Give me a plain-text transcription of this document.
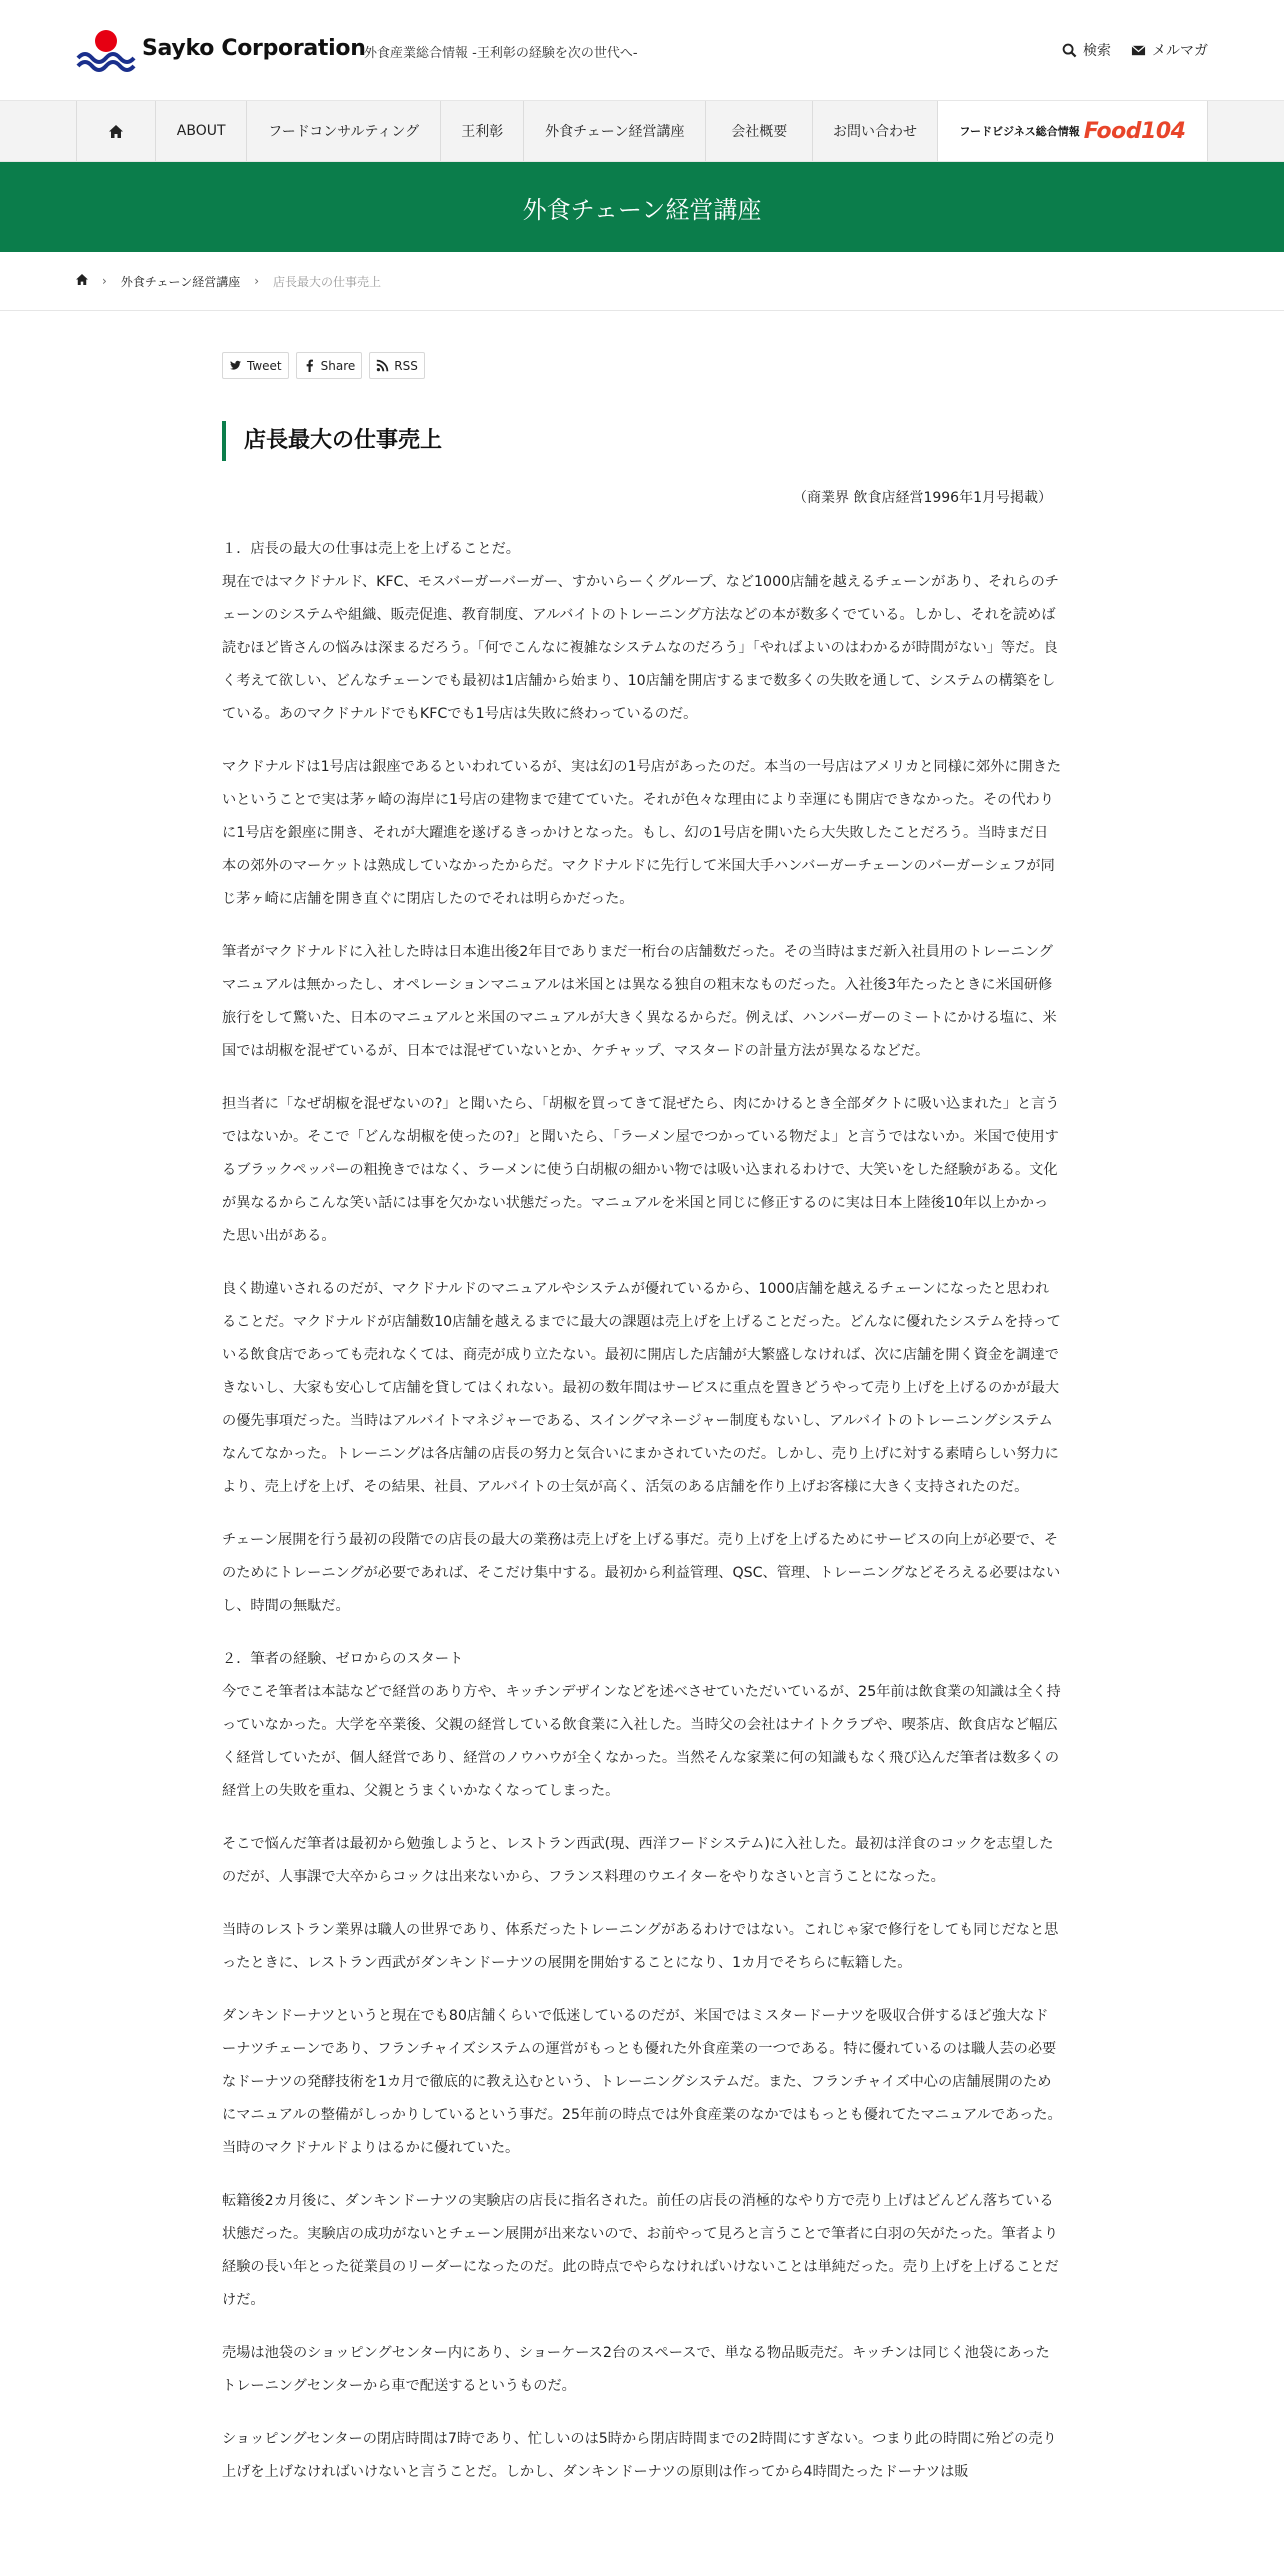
Sayko Corporation
外食産業総合情報 -王利彰の経験を次の世代へ-	検索	メルマガ
ABOUT	フードコンサルティング	王利彰	外食チェーン経営講座	会社概要	お問い合わせ	フードビジネス総合情報 Food104
外食チェーン経営講座
› 外食チェーン経営講座 › 店長最大の仕事売上
Tweet	Share	RSS
店長最大の仕事売上
（商業界 飲食店経営1996年1月号掲載）

１．店長の最大の仕事は売上を上げることだ。

現在ではマクドナルド、KFC、モスバーガーバーガー、すかいらーくグループ、など1000店舗を越えるチェーンがあり、それらのチェーンのシステムや組織、販売促進、教育制度、アルバイトのトレーニング方法などの本が数多くでている。しかし、それを読めば読むほど皆さんの悩みは深まるだろう。「何でこんなに複雑なシステムなのだろう」「やればよいのはわかるが時間がない」等だ。良く考えて欲しい、どんなチェーンでも最初は1店舗から始まり、10店舗を開店するまで数多くの失敗を通して、システムの構築をしている。あのマクドナルドでもKFCでも1号店は失敗に終わっているのだ。

マクドナルドは1号店は銀座であるといわれているが、実は幻の1号店があったのだ。本当の一号店はアメリカと同様に郊外に開きたいということで実は茅ヶ崎の海岸に1号店の建物まで建てていた。それが色々な理由により幸運にも開店できなかった。その代わりに1号店を銀座に開き、それが大躍進を遂げるきっかけとなった。もし、幻の1号店を開いたら大失敗したことだろう。当時まだ日本の郊外のマーケットは熟成していなかったからだ。マクドナルドに先行して米国大手ハンバーガーチェーンのバーガーシェフが同じ茅ヶ崎に店舗を開き直ぐに閉店したのでそれは明らかだった。

筆者がマクドナルドに入社した時は日本進出後2年目でありまだ一桁台の店舗数だった。その当時はまだ新入社員用のトレーニングマニュアルは無かったし、オペレーションマニュアルは米国とは異なる独自の粗末なものだった。入社後3年たったときに米国研修旅行をして驚いた、日本のマニュアルと米国のマニュアルが大きく異なるからだ。例えば、ハンバーガーのミートにかける塩に、米国では胡椒を混ぜているが、日本では混ぜていないとか、ケチャップ、マスタードの計量方法が異なるなどだ。

担当者に「なぜ胡椒を混ぜないの?」と聞いたら、「胡椒を買ってきて混ぜたら、肉にかけるとき全部ダクトに吸い込まれた」と言うではないか。そこで「どんな胡椒を使ったの?」と聞いたら、「ラーメン屋でつかっている物だよ」と言うではないか。米国で使用するブラックペッパーの粗挽きではなく、ラーメンに使う白胡椒の細かい物では吸い込まれるわけで、大笑いをした経験がある。文化が異なるからこんな笑い話には事を欠かない状態だった。マニュアルを米国と同じに修正するのに実は日本上陸後10年以上かかった思い出がある。

良く勘違いされるのだが、マクドナルドのマニュアルやシステムが優れているから、1000店舗を越えるチェーンになったと思われることだ。マクドナルドが店舗数10店舗を越えるまでに最大の課題は売上げを上げることだった。どんなに優れたシステムを持っている飲食店であっても売れなくては、商売が成り立たない。最初に開店した店舗が大繁盛しなければ、次に店舗を開く資金を調達できないし、大家も安心して店舗を貸してはくれない。最初の数年間はサービスに重点を置きどうやって売り上げを上げるのかが最大の優先事項だった。当時はアルバイトマネジャーである、スイングマネージャー制度もないし、アルバイトのトレーニングシステムなんてなかった。トレーニングは各店舗の店長の努力と気合いにまかされていたのだ。しかし、売り上げに対する素晴らしい努力により、売上げを上げ、その結果、社員、アルバイトの士気が高く、活気のある店舗を作り上げお客様に大きく支持されたのだ。

チェーン展開を行う最初の段階での店長の最大の業務は売上げを上げる事だ。売り上げを上げるためにサービスの向上が必要で、そのためにトレーニングが必要であれば、そこだけ集中する。最初から利益管理、QSC、管理、トレーニングなどそろえる必要はないし、時間の無駄だ。

２．筆者の経験、ゼロからのスタート

今でこそ筆者は本誌などで経営のあり方や、キッチンデザインなどを述べさせていただいているが、25年前は飲食業の知識は全く持っていなかった。大学を卒業後、父親の経営している飲食業に入社した。当時父の会社はナイトクラブや、喫茶店、飲食店など幅広く経営していたが、個人経営であり、経営のノウハウが全くなかった。当然そんな家業に何の知識もなく飛び込んだ筆者は数多くの経営上の失敗を重ね、父親とうまくいかなくなってしまった。

そこで悩んだ筆者は最初から勉強しようと、レストラン西武(現、西洋フードシステム)に入社した。最初は洋食のコックを志望したのだが、人事課で大卒からコックは出来ないから、フランス料理のウエイターをやりなさいと言うことになった。

当時のレストラン業界は職人の世界であり、体系だったトレーニングがあるわけではない。これじゃ家で修行をしても同じだなと思ったときに、レストラン西武がダンキンドーナツの展開を開始することになり、1カ月でそちらに転籍した。

ダンキンドーナツというと現在でも80店舗くらいで低迷しているのだが、米国ではミスタードーナツを吸収合併するほど強大なドーナツチェーンであり、フランチャイズシステムの運営がもっとも優れた外食産業の一つである。特に優れているのは職人芸の必要なドーナツの発酵技術を1カ月で徹底的に教え込むという、トレーニングシステムだ。また、フランチャイズ中心の店舗展開のためにマニュアルの整備がしっかりしているという事だ。25年前の時点では外食産業のなかではもっとも優れてたマニュアルであった。当時のマクドナルドよりはるかに優れていた。

転籍後2カ月後に、ダンキンドーナツの実験店の店長に指名された。前任の店長の消極的なやり方で売り上げはどんどん落ちている状態だった。実験店の成功がないとチェーン展開が出来ないので、お前やって見ろと言うことで筆者に白羽の矢がたった。筆者より経験の長い年とった従業員のリーダーになったのだ。此の時点でやらなければいけないことは単純だった。売り上げを上げることだけだ。

売場は池袋のショッピングセンター内にあり、ショーケース2台のスペースで、単なる物品販売だ。キッチンは同じく池袋にあったトレーニングセンターから車で配送するというものだ。

ショッピングセンターの閉店時間は7時であり、忙しいのは5時から閉店時間までの2時間にすぎない。つまり此の時間に殆どの売り上げを上げなければいけないと言うことだ。しかし、ダンキンドーナツの原則は作ってから4時間たったドーナツは販
